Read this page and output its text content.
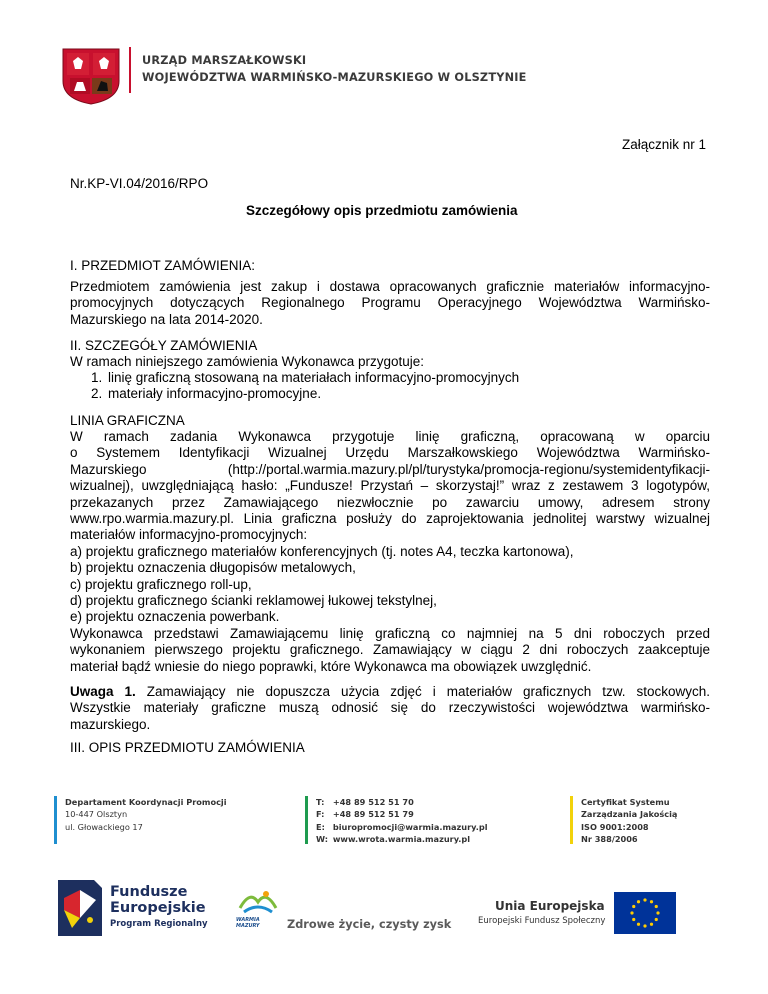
URZĄD MARSZAŁKOWSKI
WOJEWÓDZTWA WARMIŃSKO-MAZURSKIEGO W OLSZTYNIE
Załącznik nr 1
Nr.KP-VI.04/2016/RPO
Szczegółowy opis przedmiotu zamówienia
I. PRZEDMIOT ZAMÓWIENIA:
Przedmiotem zamówienia jest zakup i dostawa opracowanych graficznie materiałów informacyjno-
promocyjnych dotyczących Regionalnego Programu Operacyjnego Województwa Warmińsko-
Mazurskiego na lata 2014-2020.
II. SZCZEGÓŁY ZAMÓWIENIA
W ramach niniejszego zamówienia Wykonawca przygotuje:
1. linię graficzną stosowaną na materiałach informacyjno-promocyjnych
2. materiały informacyjno-promocyjne.
LINIA GRAFICZNA
W ramach zadania Wykonawca przygotuje linię graficzną, opracowaną w oparciu
o Systemem Identyfikacji Wizualnej Urzędu Marszałkowskiego Województwa Warmińsko-
Mazurskiego (http://portal.warmia.mazury.pl/pl/turystyka/promocja-regionu/systemidentyfikacji-
wizualnej), uwzględniającą hasło: „Fundusze! Przystań – skorzystaj!” wraz z zestawem 3 logotypów,
przekazanych przez Zamawiającego niezwłocznie po zawarciu umowy, adresem strony
www.rpo.warmia.mazury.pl. Linia graficzna posłuży do zaprojektowania jednolitej warstwy wizualnej
materiałów informacyjno-promocyjnych:
a) projektu graficznego materiałów konferencyjnych (tj. notes A4, teczka kartonowa),
b) projektu oznaczenia długopisów metalowych,
c) projektu graficznego roll-up,
d) projektu graficznego ścianki reklamowej łukowej tekstylnej,
e) projektu oznaczenia powerbank.
Wykonawca przedstawi Zamawiającemu linię graficzną co najmniej na 5 dni roboczych przed
wykonaniem pierwszego projektu graficznego. Zamawiający w ciągu 2 dni roboczych zaakceptuje
materiał bądź wniesie do niego poprawki, które Wykonawca ma obowiązek uwzględnić.
Uwaga 1. Zamawiający nie dopuszcza użycia zdjęć i materiałów graficznych tzw. stockowych.
Wszystkie materiały graficzne muszą odnosić się do rzeczywistości województwa warmińsko-
mazurskiego.
III. OPIS PRZEDMIOTU ZAMÓWIENIA
Departament Koordynacji Promocji
10-447 Olsztyn
ul. Głowackiego 17
T: +48 89 512 51 70
F: +48 89 512 51 79
E: biuropromocji@warmia.mazury.pl
W: www.wrota.warmia.mazury.pl
Certyfikat Systemu
Zarządzania Jakością
ISO 9001:2008
Nr 388/2006
Fundusze
Europejskie
Program Regionalny	WARMIA
MAZURY Zdrowe życie, czysty zysk
Unia Europejska
Europejski Fundusz Społeczny
